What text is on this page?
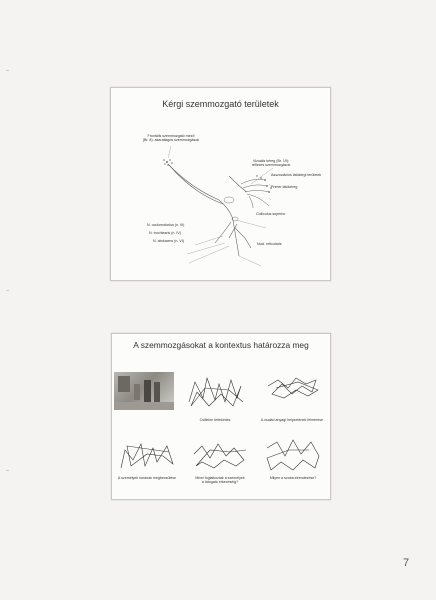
Kérgi szemmozgató területek
Frontális szemmozgató mező
(Br. 8): akaratlagos szemmozgások
Vizuális kéreg (Br. 19):
reflexes szemmozgások
Asszociációs látókérgi területek
Primer látókéreg
Colliculus superior
N. oculomotorius (n. III)
N. trochlearis (n. IV)
N. abducens (n. VI)
Nucl. reticularis
A szemmozgásokat a kontextus határozza meg
Csillelen feltekintés	A család anyagi helyzetének felmérése
A személyek korának megbecsülése	Mivel foglalkoztak a személyek
a látogató érkezéséig?
Milyen a szoba elrendezése?
7
